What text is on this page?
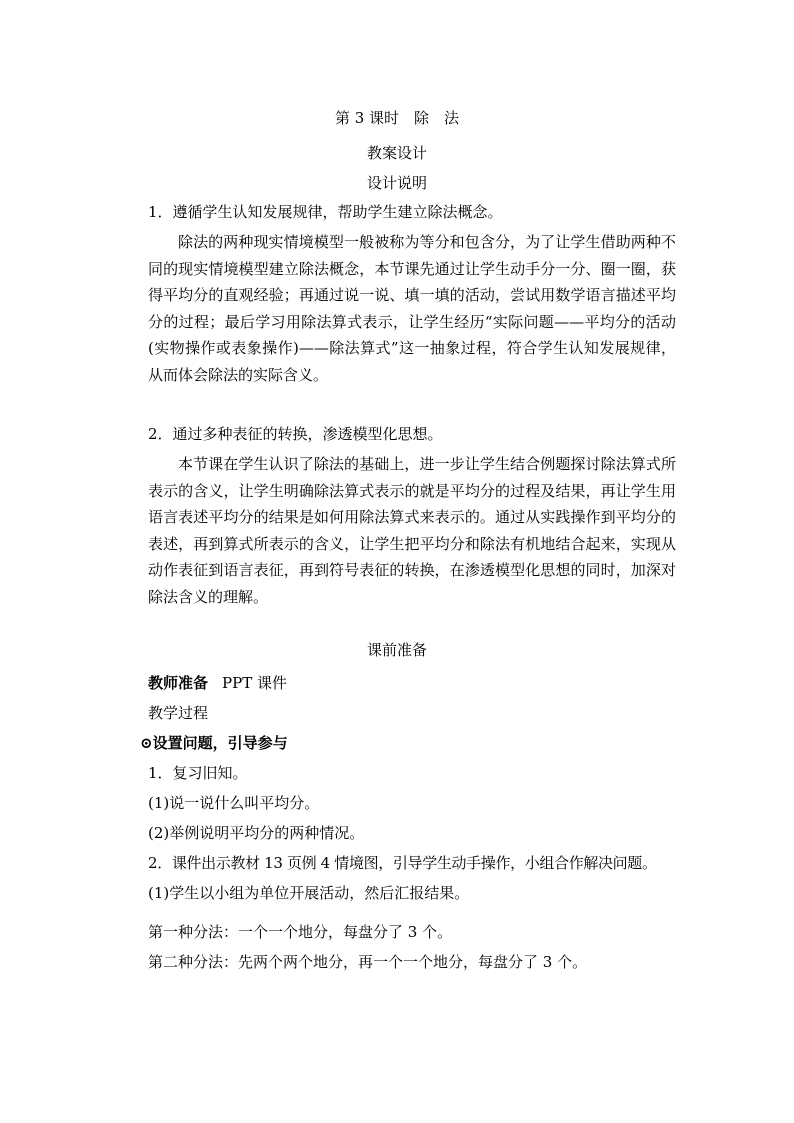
第 3 课时　除　法
教案设计
设计说明
1．遵循学生认知发展规律，帮助学生建立除法概念。
除法的两种现实情境模型一般被称为等分和包含分，为了让学生借助两种不同的现实情境模型建立除法概念，本节课先通过让学生动手分一分、圈一圈，获得平均分的直观经验；再通过说一说、填一填的活动，尝试用数学语言描述平均分的过程；最后学习用除法算式表示，让学生经历“实际问题——平均分的活动(实物操作或表象操作)——除法算式”这一抽象过程，符合学生认知发展规律，从而体会除法的实际含义。
2．通过多种表征的转换，渗透模型化思想。
本节课在学生认识了除法的基础上，进一步让学生结合例题探讨除法算式所表示的含义，让学生明确除法算式表示的就是平均分的过程及结果，再让学生用语言表述平均分的结果是如何用除法算式来表示的。通过从实践操作到平均分的表述，再到算式所表示的含义，让学生把平均分和除法有机地结合起来，实现从动作表征到语言表征，再到符号表征的转换，在渗透模型化思想的同时，加深对除法含义的理解。
课前准备
教师准备 PPT 课件
教学过程
⊙设置问题，引导参与
1．复习旧知。
(1)说一说什么叫平均分。
(2)举例说明平均分的两种情况。
2．课件出示教材 13 页例 4 情境图，引导学生动手操作，小组合作解决问题。
(1)学生以小组为单位开展活动，然后汇报结果。
第一种分法：一个一个地分，每盘分了 3 个。
第二种分法：先两个两个地分，再一个一个地分，每盘分了 3 个。
